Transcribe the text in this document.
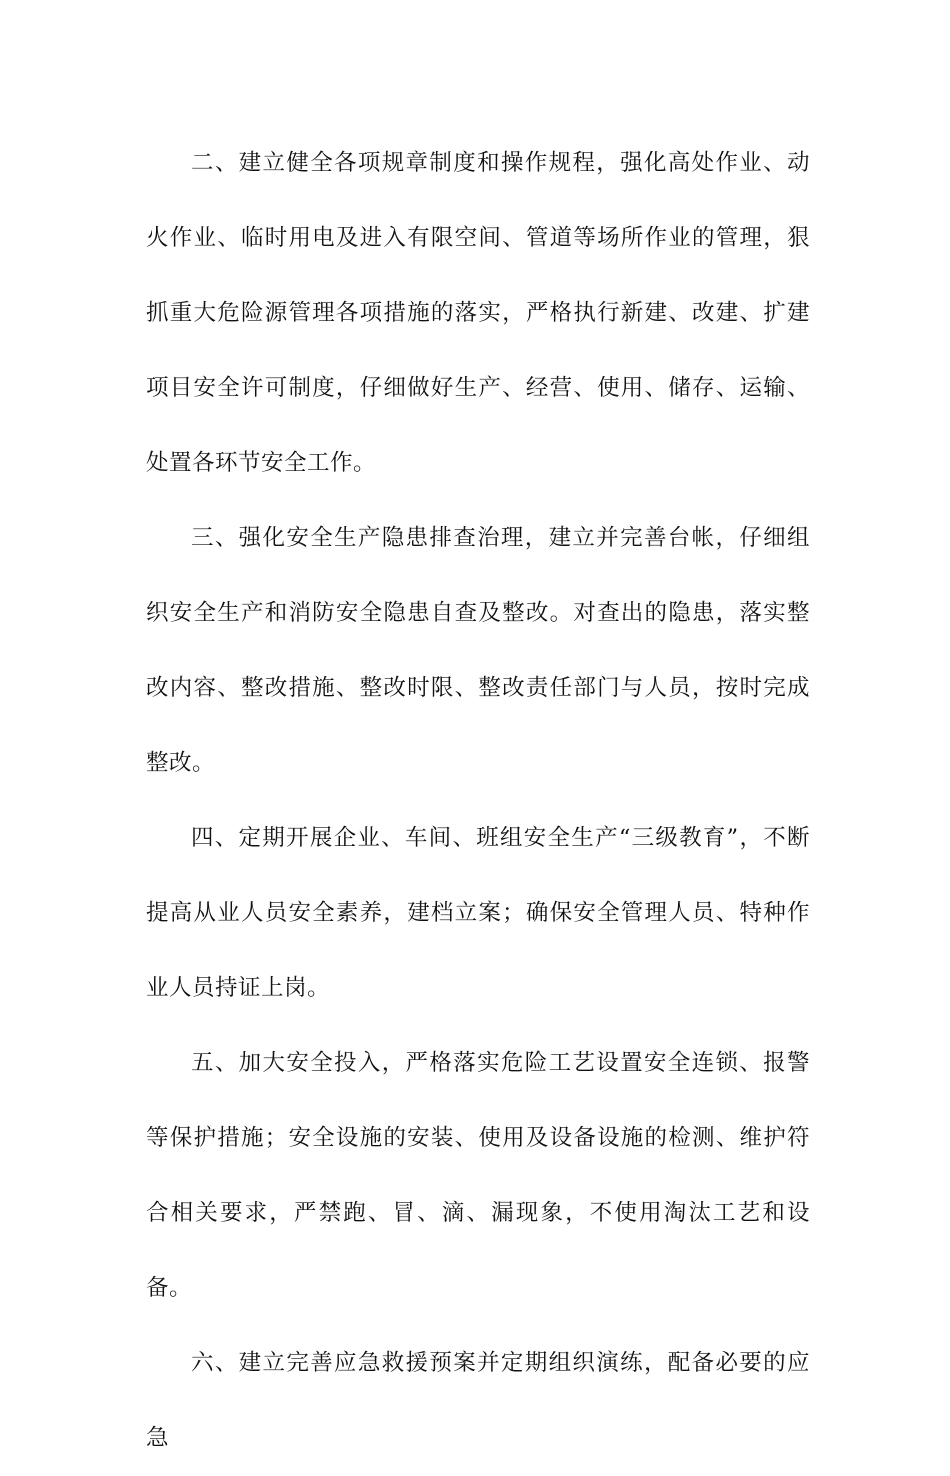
二、建立健全各项规章制度和操作规程，强化高处作业、动火作业、临时用电及进入有限空间、管道等场所作业的管理，狠抓重大危险源管理各项措施的落实，严格执行新建、改建、扩建项目安全许可制度，仔细做好生产、经营、使用、储存、运输、处置各环节安全工作。

三、强化安全生产隐患排查治理，建立并完善台帐，仔细组织安全生产和消防安全隐患自查及整改。对查出的隐患，落实整改内容、整改措施、整改时限、整改责任部门与人员，按时完成整改。

四、定期开展企业、车间、班组安全生产“三级教育”，不断提高从业人员安全素养，建档立案；确保安全管理人员、特种作业人员持证上岗。

五、加大安全投入，严格落实危险工艺设置安全连锁、报警等保护措施；安全设施的安装、使用及设备设施的检测、维护符合相关要求，严禁跑、冒、滴、漏现象，不使用淘汰工艺和设备。

六、建立完善应急救援预案并定期组织演练，配备必要的应急
